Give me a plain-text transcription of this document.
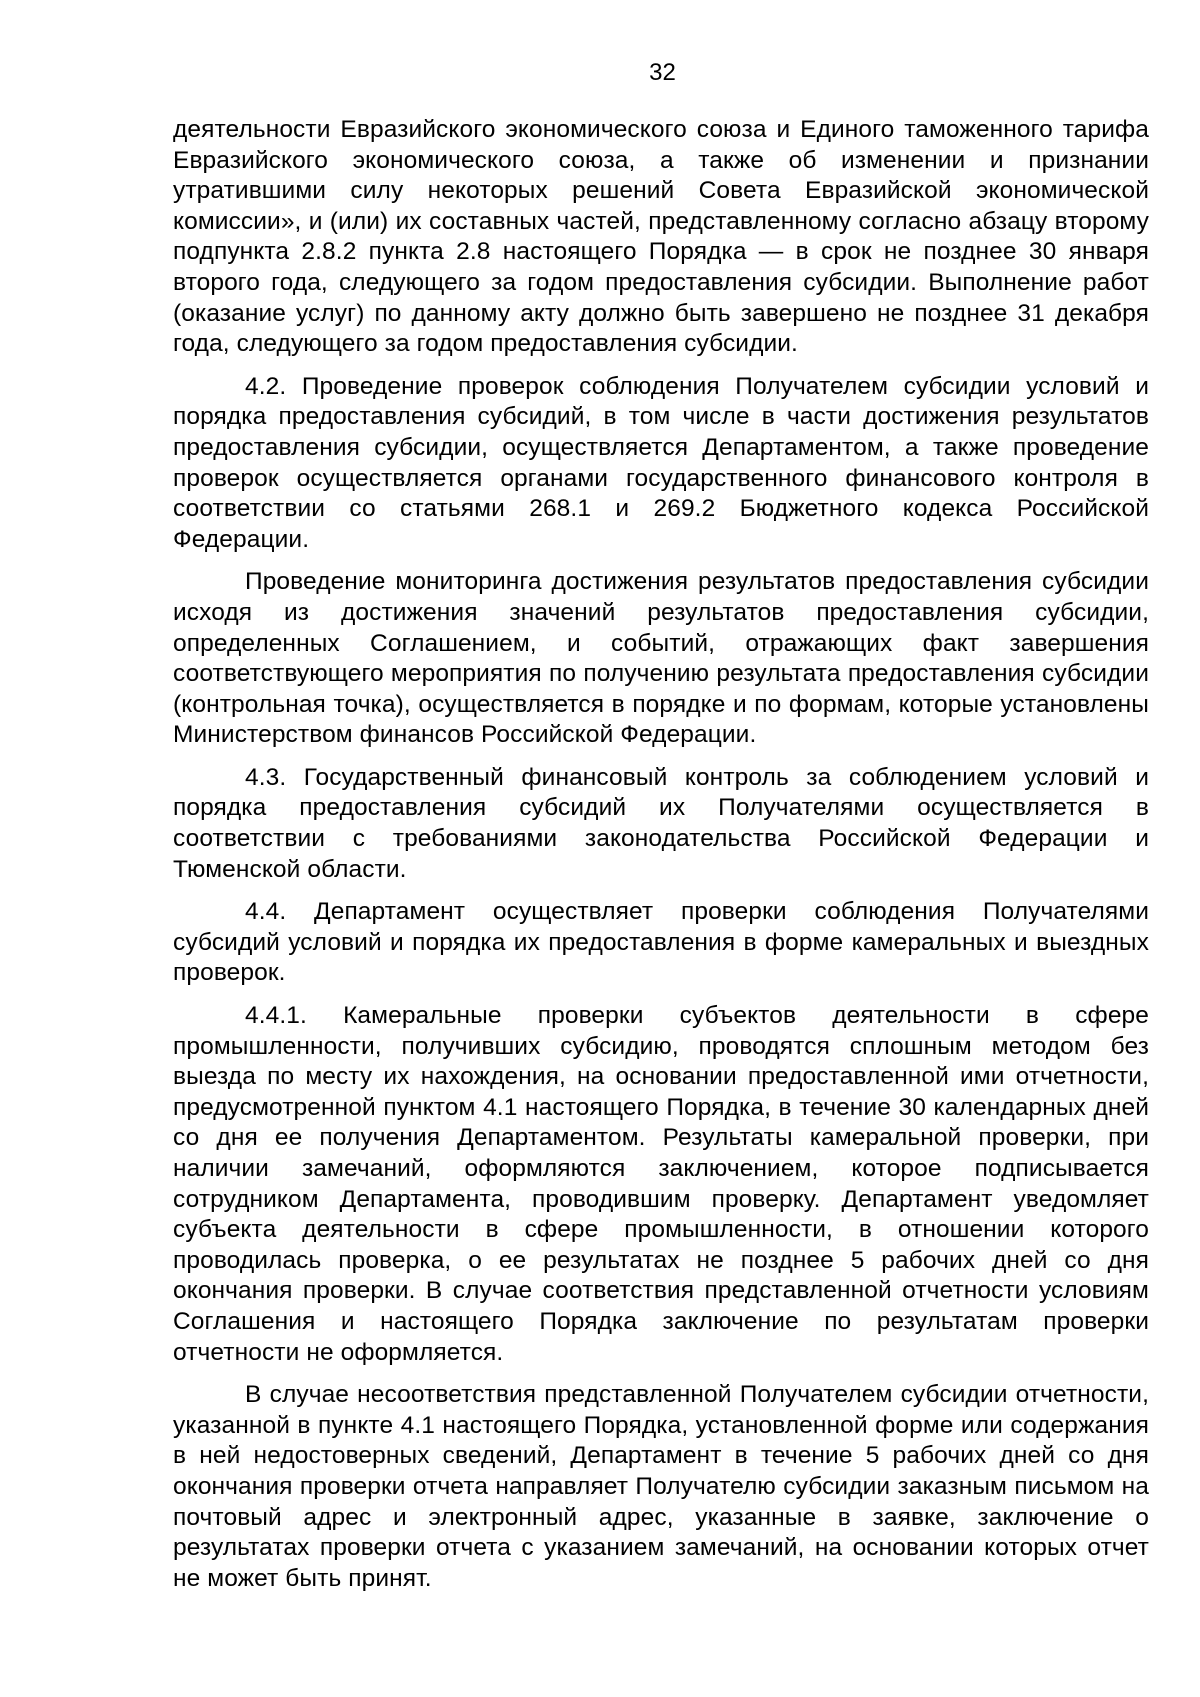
32

деятельности Евразийского экономического союза и Единого таможенного тарифа Евразийского экономического союза, а также об изменении и признании утратившими силу некоторых решений Совета Евразийской экономической комиссии», и (или) их составных частей, представленному согласно абзацу второму подпункта 2.8.2 пункта 2.8 настоящего Порядка — в срок не позднее 30 января второго года, следующего за годом предоставления субсидии. Выполнение работ (оказание услуг) по данному акту должно быть завершено не позднее 31 декабря года, следующего за годом предоставления субсидии.

4.2. Проведение проверок соблюдения Получателем субсидии условий и порядка предоставления субсидий, в том числе в части достижения результатов предоставления субсидии, осуществляется Департаментом, а также проведение проверок осуществляется органами государственного финансового контроля в соответствии со статьями 268.1 и 269.2 Бюджетного кодекса Российской Федерации.

Проведение мониторинга достижения результатов предоставления субсидии исходя из достижения значений результатов предоставления субсидии, определенных Соглашением, и событий, отражающих факт завершения соответствующего мероприятия по получению результата предоставления субсидии (контрольная точка), осуществляется в порядке и по формам, которые установлены Министерством финансов Российской Федерации.

4.3. Государственный финансовый контроль за соблюдением условий и порядка предоставления субсидий их Получателями осуществляется в соответствии с требованиями законодательства Российской Федерации и Тюменской области.

4.4. Департамент осуществляет проверки соблюдения Получателями субсидий условий и порядка их предоставления в форме камеральных и выездных проверок.

4.4.1. Камеральные проверки субъектов деятельности в сфере промышленности, получивших субсидию, проводятся сплошным методом без выезда по месту их нахождения, на основании предоставленной ими отчетности, предусмотренной пунктом 4.1 настоящего Порядка, в течение 30 календарных дней со дня ее получения Департаментом. Результаты камеральной проверки, при наличии замечаний, оформляются заключением, которое подписывается сотрудником Департамента, проводившим проверку. Департамент уведомляет субъекта деятельности в сфере промышленности, в отношении которого проводилась проверка, о ее результатах не позднее 5 рабочих дней со дня окончания проверки. В случае соответствия представленной отчетности условиям Соглашения и настоящего Порядка заключение по результатам проверки отчетности не оформляется.

В случае несоответствия представленной Получателем субсидии отчетности, указанной в пункте 4.1 настоящего Порядка, установленной форме или содержания в ней недостоверных сведений, Департамент в течение 5 рабочих дней со дня окончания проверки отчета направляет Получателю субсидии заказным письмом на почтовый адрес и электронный адрес, указанные в заявке, заключение о результатах проверки отчета с указанием замечаний, на основании которых отчет не может быть принят.
